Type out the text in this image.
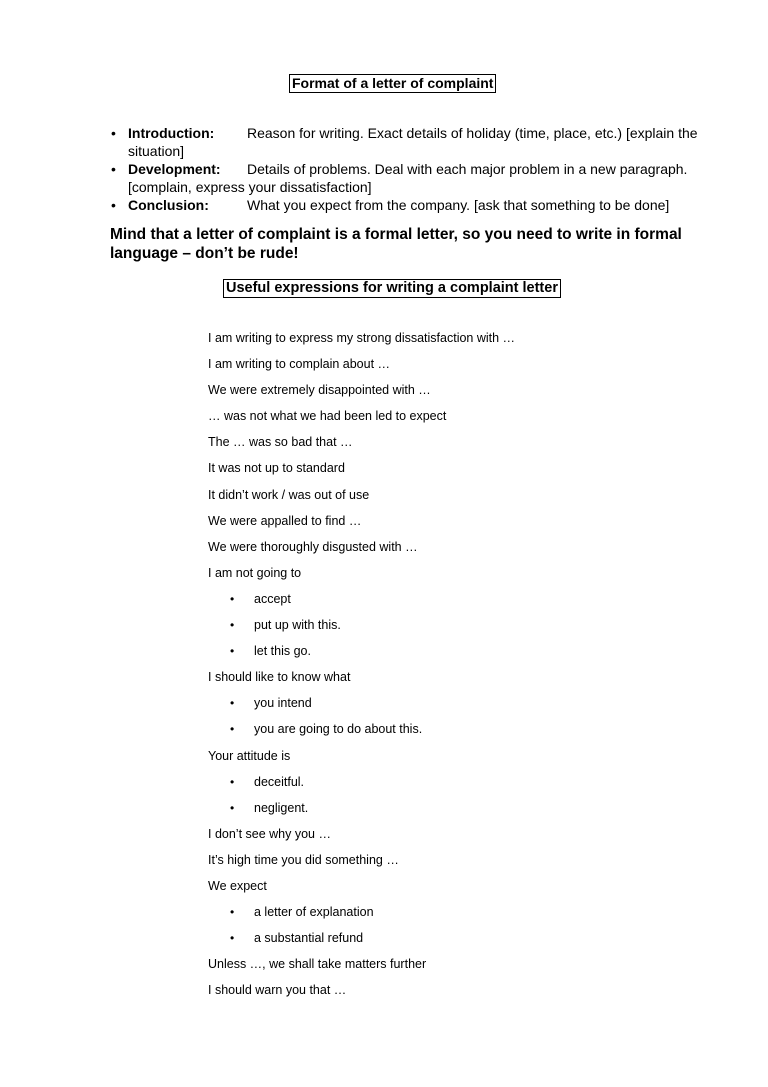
Format of a letter of complaint
• Introduction: Reason for writing. Exact details of holiday (time, place, etc.) [explain the situation]
• Development: Details of problems. Deal with each major problem in a new paragraph. [complain, express your dissatisfaction]
• Conclusion:	What you expect from the company. [ask that something to be done]

Mind that a letter of complaint is a formal letter, so you need to write in formal language – don’t be rude!

Useful expressions for writing a complaint letter
I am writing to express my strong dissatisfaction with …
I am writing to complain about …
We were extremely disappointed with …
… was not what we had been led to expect
The … was so bad that …
It was not up to standard
It didn’t work / was out of use
We were appalled to find …
We were thoroughly disgusted with …
I am not going to
• accept
• put up with this.
• let this go.
I should like to know what
• you intend
• you are going to do about this.
Your attitude is
• deceitful.
• negligent.
I don’t see why you …
It’s high time you did something …
We expect
• a letter of explanation
• a substantial refund
Unless …, we shall take matters further
I should warn you that …
